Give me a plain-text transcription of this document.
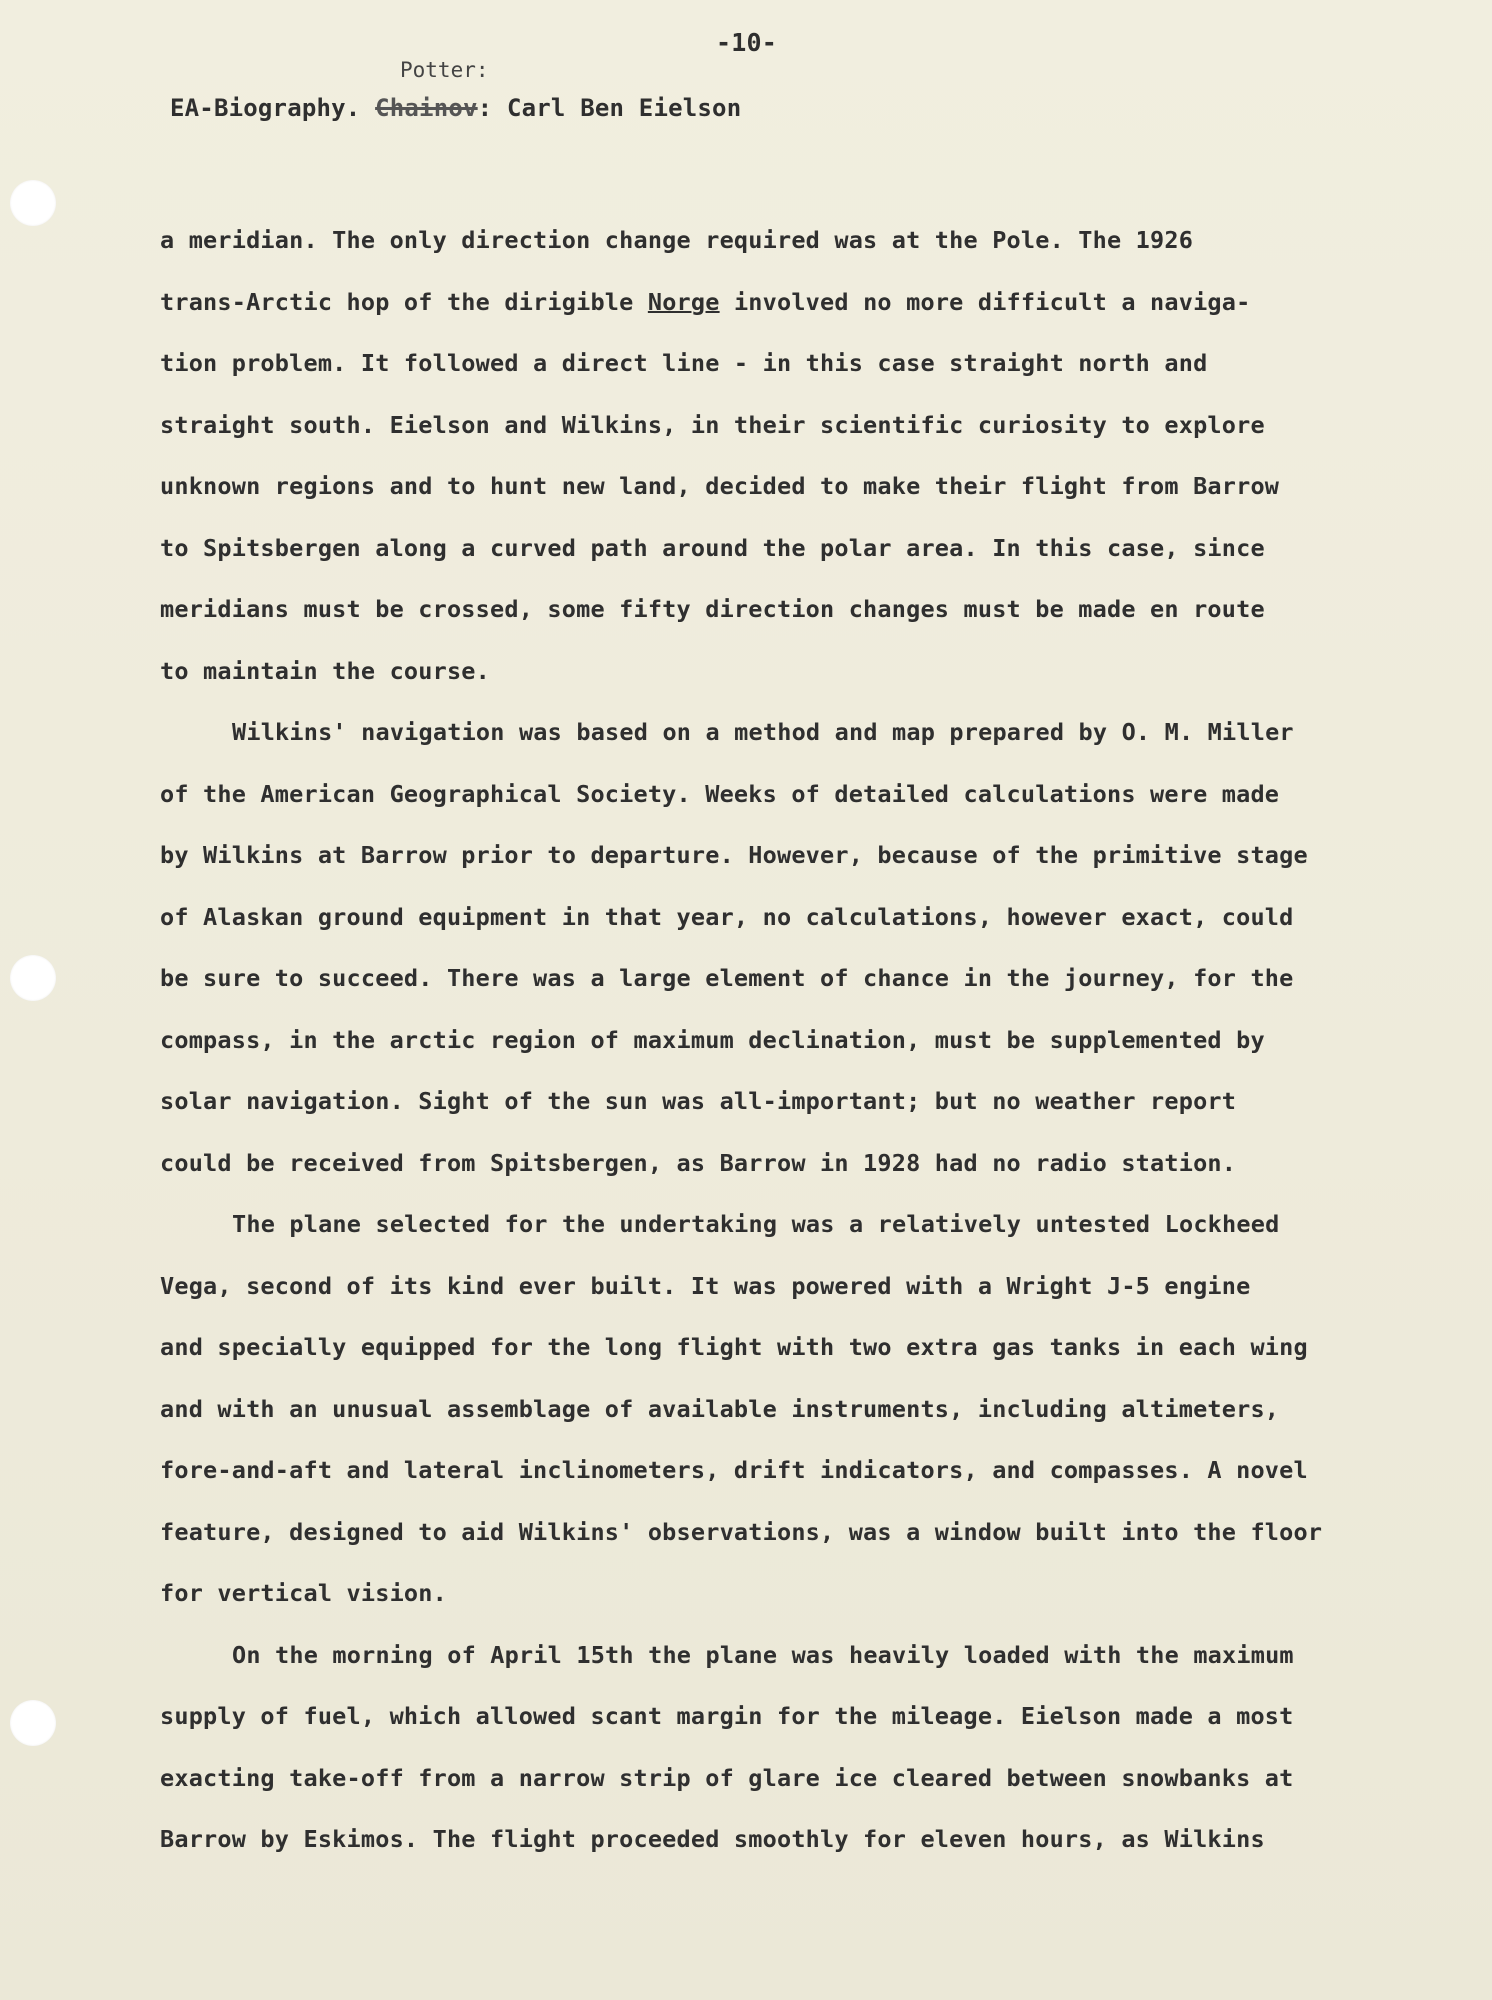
-10-
Potter:
EA-Biography. Chainov: Carl Ben Eielson

a meridian. The only direction change required was at the Pole. The 1926
trans-Arctic hop of the dirigible Norge involved no more difficult a naviga-
tion problem. It followed a direct line - in this case straight north and
straight south. Eielson and Wilkins, in their scientific curiosity to explore
unknown regions and to hunt new land, decided to make their flight from Barrow
to Spitsbergen along a curved path around the polar area. In this case, since
meridians must be crossed, some fifty direction changes must be made en route
to maintain the course.

Wilkins' navigation was based on a method and map prepared by O. M. Miller
of the American Geographical Society. Weeks of detailed calculations were made
by Wilkins at Barrow prior to departure. However, because of the primitive stage
of Alaskan ground equipment in that year, no calculations, however exact, could
be sure to succeed. There was a large element of chance in the journey, for the
compass, in the arctic region of maximum declination, must be supplemented by
solar navigation. Sight of the sun was all-important; but no weather report
could be received from Spitsbergen, as Barrow in 1928 had no radio station.

The plane selected for the undertaking was a relatively untested Lockheed
Vega, second of its kind ever built. It was powered with a Wright J-5 engine
and specially equipped for the long flight with two extra gas tanks in each wing
and with an unusual assemblage of available instruments, including altimeters,
fore-and-aft and lateral inclinometers, drift indicators, and compasses. A novel
feature, designed to aid Wilkins' observations, was a window built into the floor
for vertical vision.

On the morning of April 15th the plane was heavily loaded with the maximum
supply of fuel, which allowed scant margin for the mileage. Eielson made a most
exacting take-off from a narrow strip of glare ice cleared between snowbanks at
Barrow by Eskimos. The flight proceeded smoothly for eleven hours, as Wilkins
